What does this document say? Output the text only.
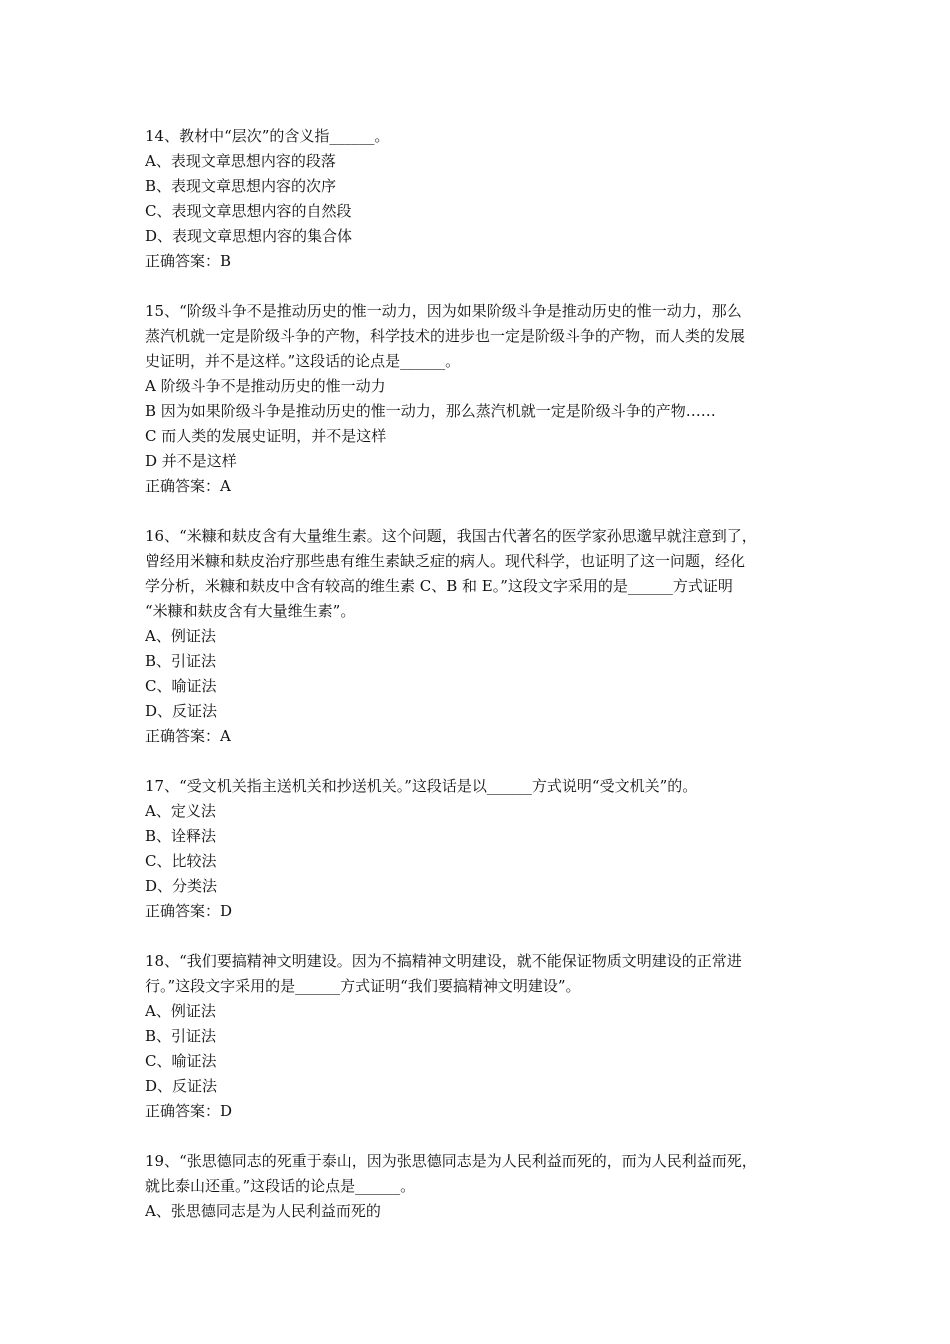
14、教材中“层次”的含义指______。
A、表现文章思想内容的段落
B、表现文章思想内容的次序
C、表现文章思想内容的自然段
D、表现文章思想内容的集合体
正确答案：B
15、“阶级斗争不是推动历史的惟一动力，因为如果阶级斗争是推动历史的惟一动力，那么
蒸汽机就一定是阶级斗争的产物，科学技术的进步也一定是阶级斗争的产物，而人类的发展
史证明，并不是这样。”这段话的论点是______。
A 阶级斗争不是推动历史的惟一动力
B 因为如果阶级斗争是推动历史的惟一动力，那么蒸汽机就一定是阶级斗争的产物……
C 而人类的发展史证明，并不是这样
D 并不是这样
正确答案：A
16、“米糠和麸皮含有大量维生素。这个问题，我国古代著名的医学家孙思邈早就注意到了，
曾经用米糠和麸皮治疗那些患有维生素缺乏症的病人。现代科学，也证明了这一问题，经化
学分析，米糠和麸皮中含有较高的维生素 C、B 和 E。”这段文字采用的是______方式证明
“米糠和麸皮含有大量维生素”。
A、例证法
B、引证法
C、喻证法
D、反证法
正确答案：A
17、“受文机关指主送机关和抄送机关。”这段话是以______方式说明“受文机关”的。
A、定义法
B、诠释法
C、比较法
D、分类法
正确答案：D
18、“我们要搞精神文明建设。因为不搞精神文明建设，就不能保证物质文明建设的正常进
行。”这段文字采用的是______方式证明“我们要搞精神文明建设”。
A、例证法
B、引证法
C、喻证法
D、反证法
正确答案：D
19、“张思德同志的死重于泰山，因为张思德同志是为人民利益而死的，而为人民利益而死，
就比泰山还重。”这段话的论点是______。
A、张思德同志是为人民利益而死的
